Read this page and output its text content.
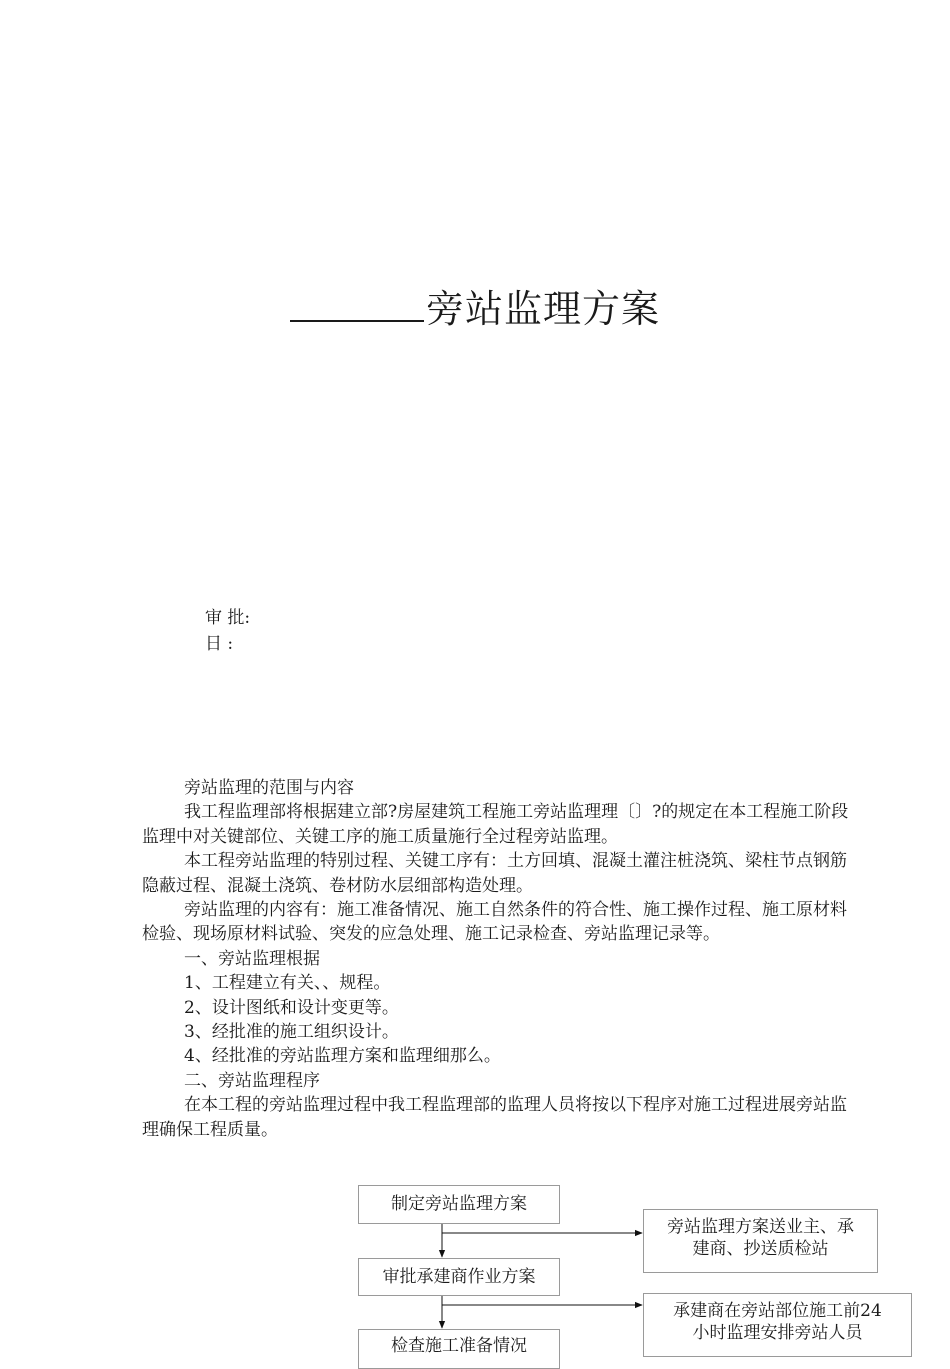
旁站监理方案
审 批:
日 :

旁站监理的范围与内容

我工程监理部将根据建立部?房屋建筑工程施工旁站监理理〔〕?的规定在本工程施工阶段监理中对关键部位、关键工序的施工质量施行全过程旁站监理。

本工程旁站监理的特别过程、关键工序有：土方回填、混凝土灌注桩浇筑、梁柱节点钢筋隐蔽过程、混凝土浇筑、卷材防水层细部构造处理。

旁站监理的内容有：施工准备情况、施工自然条件的符合性、施工操作过程、施工原材料检验、现场原材料试验、突发的应急处理、施工记录检查、旁站监理记录等。

一、旁站监理根据

1、工程建立有关、、规程。

2、设计图纸和设计变更等。

3、经批准的施工组织设计。

4、经批准的旁站监理方案和监理细那么。

二、旁站监理程序

在本工程的旁站监理过程中我工程监理部的监理人员将按以下程序对施工过程进展旁站监理确保工程质量。

制定旁站监理方案
审批承建商作业方案
检查施工准备情况
旁站监理方案送业主、承
建商、抄送质检站
承建商在旁站部位施工前24
小时监理安排旁站人员
